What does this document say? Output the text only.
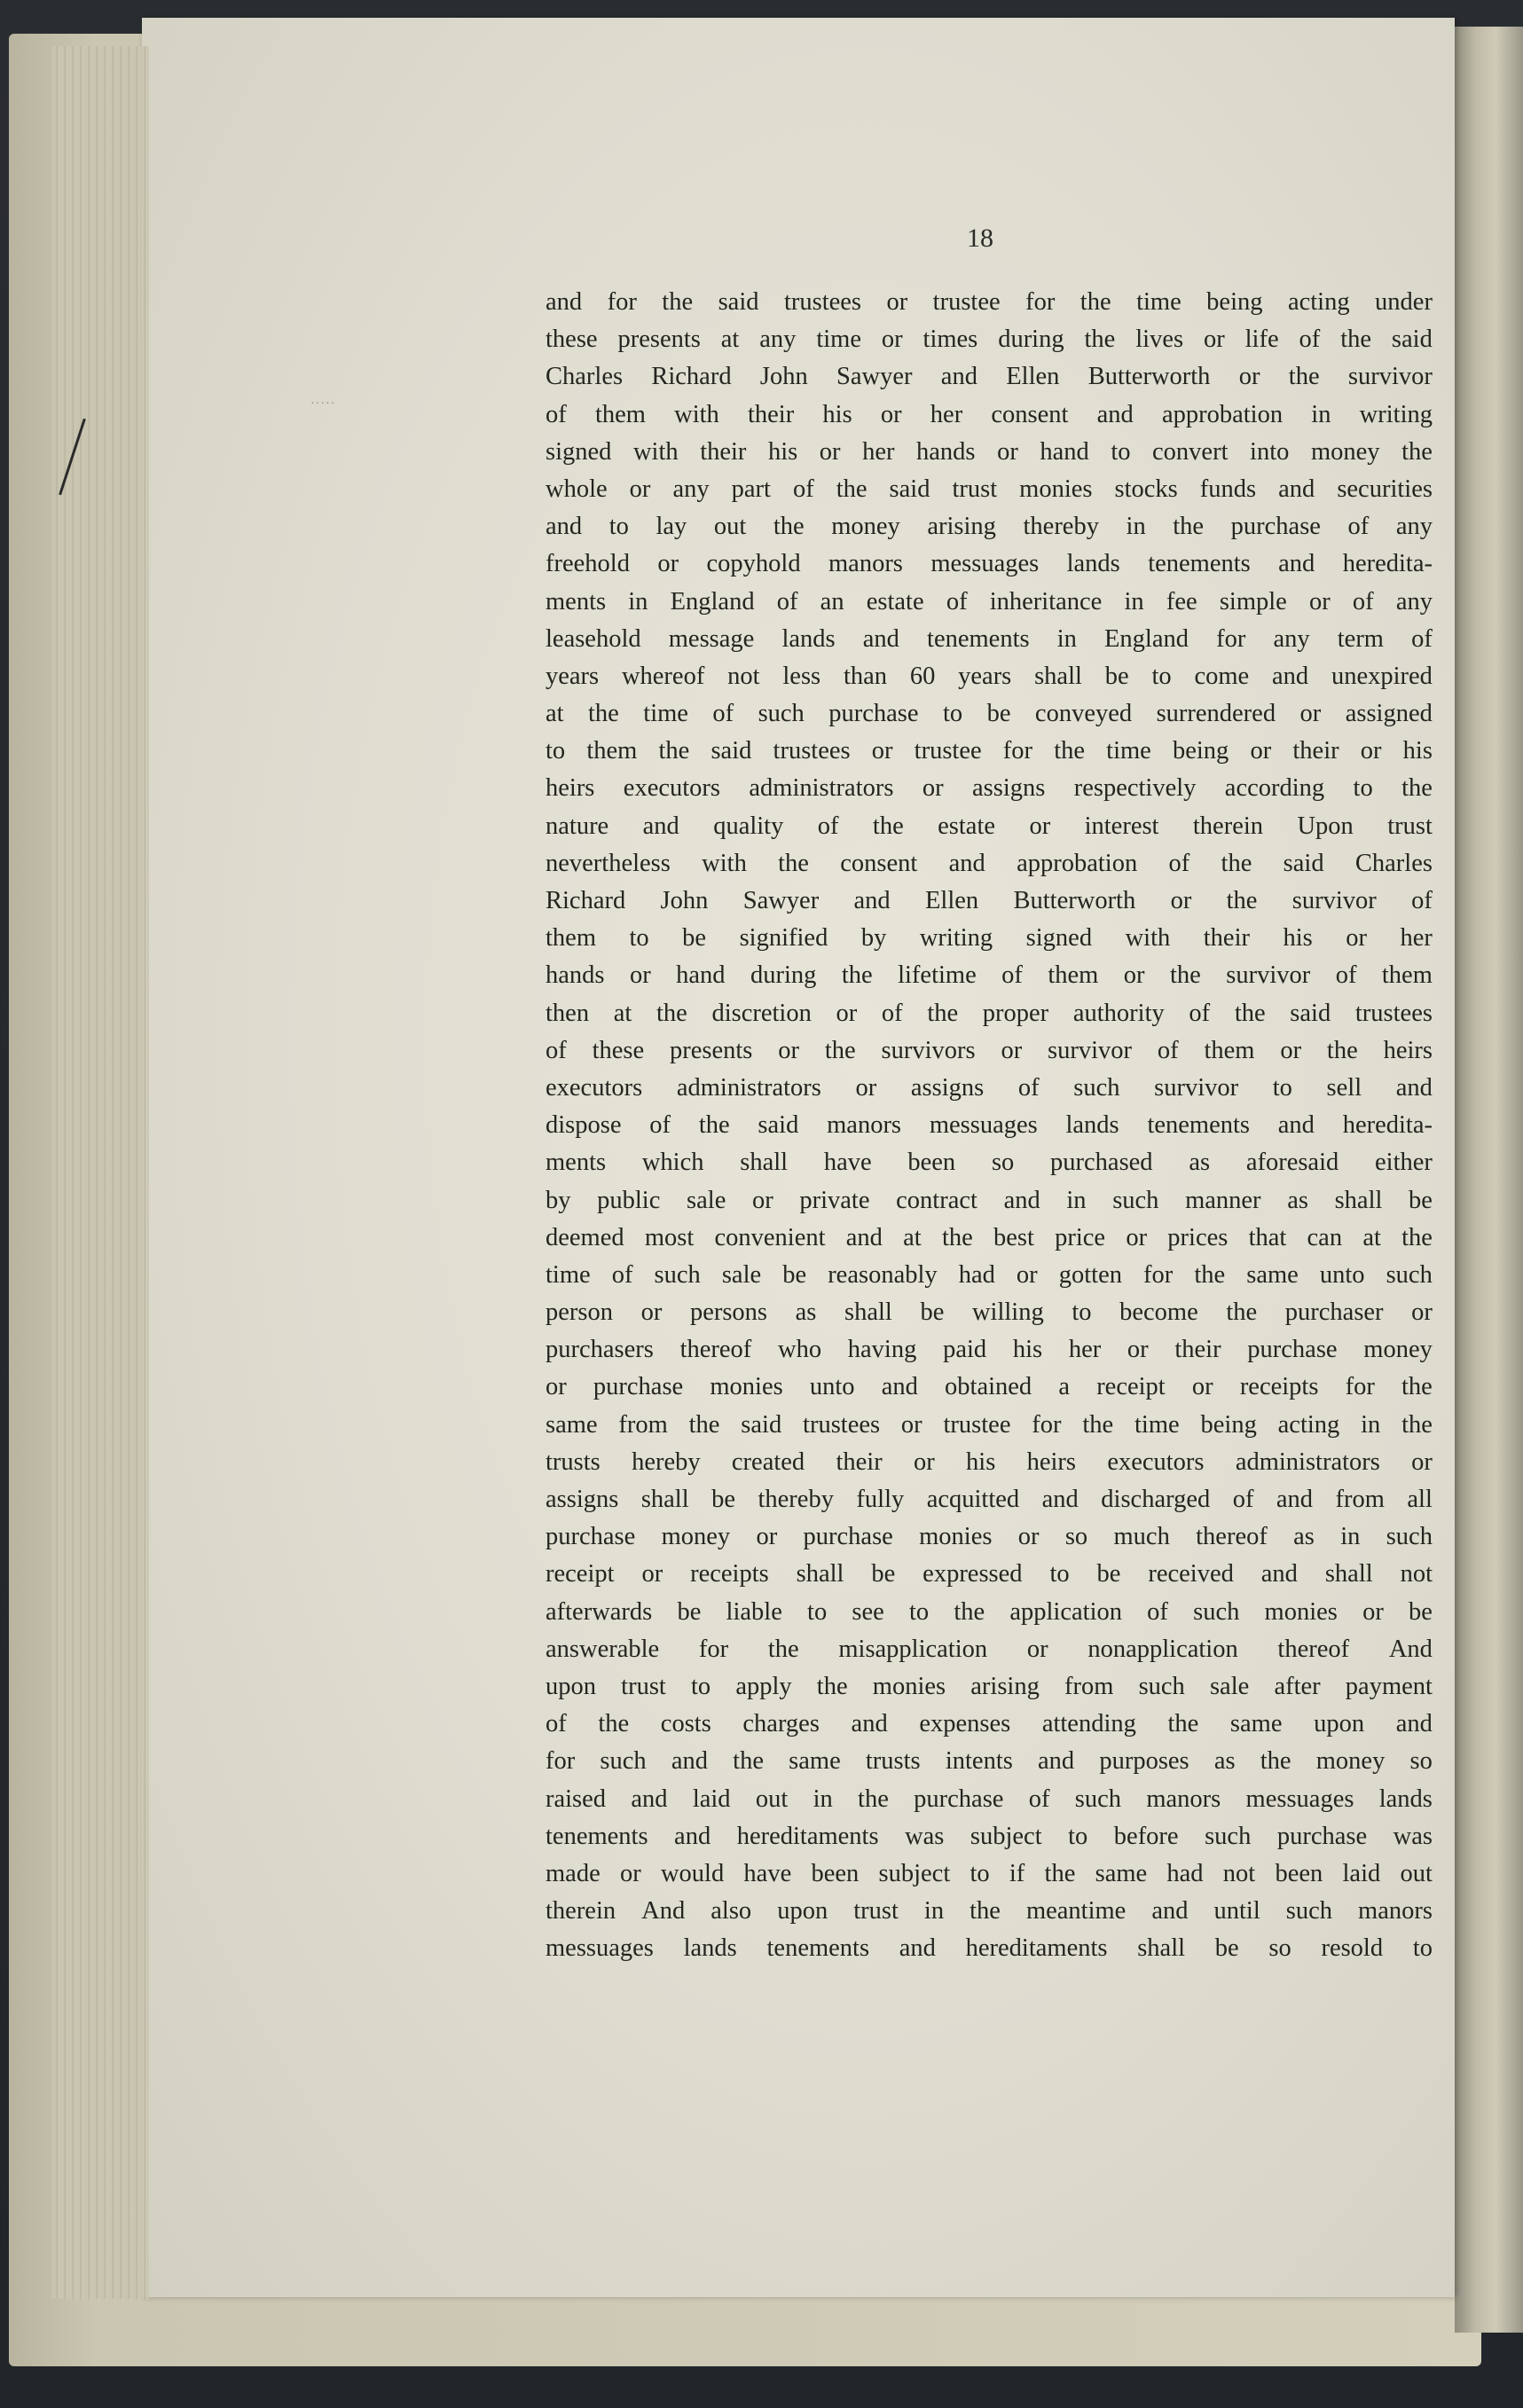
·····
18
and for the said trustees or trustee for the time being acting under
these presents at any time or times during the lives or life of the said
Charles Richard John Sawyer and Ellen Butterworth or the survivor
of them with their his or her consent and approbation in writing
signed with their his or her hands or hand to convert into money the
whole or any part of the said trust monies stocks funds and securities
and to lay out the money arising thereby in the purchase of any
freehold or copyhold manors messuages lands tenements and heredita-
ments in England of an estate of inheritance in fee simple or of any
leasehold message lands and tenements in England for any term of
years whereof not less than 60 years shall be to come and unexpired
at the time of such purchase to be conveyed surrendered or assigned
to them the said trustees or trustee for the time being or their or his
heirs executors administrators or assigns respectively according to the
nature and quality of the estate or interest therein Upon trust
nevertheless with the consent and approbation of the said Charles
Richard John Sawyer and Ellen Butterworth or the survivor of
them to be signified by writing signed with their his or her
hands or hand during the lifetime of them or the survivor of them
then at the discretion or of the proper authority of the said trustees
of these presents or the survivors or survivor of them or the heirs
executors administrators or assigns of such survivor to sell and
dispose of the said manors messuages lands tenements and heredita-
ments which shall have been so purchased as aforesaid either
by public sale or private contract and in such manner as shall be
deemed most convenient and at the best price or prices that can at the
time of such sale be reasonably had or gotten for the same unto such
person or persons as shall be willing to become the purchaser or
purchasers thereof who having paid his her or their purchase money
or purchase monies unto and obtained a receipt or receipts for the
same from the said trustees or trustee for the time being acting in the
trusts hereby created their or his heirs executors administrators or
assigns shall be thereby fully acquitted and discharged of and from all
purchase money or purchase monies or so much thereof as in such
receipt or receipts shall be expressed to be received and shall not
afterwards be liable to see to the application of such monies or be
answerable for the misapplication or nonapplication thereof And
upon trust to apply the monies arising from such sale after payment
of the costs charges and expenses attending the same upon and
for such and the same trusts intents and purposes as the money so
raised and laid out in the purchase of such manors messuages lands
tenements and hereditaments was subject to before such purchase was
made or would have been subject to if the same had not been laid out
therein And also upon trust in the meantime and until such manors
messuages lands tenements and hereditaments shall be so resold to
